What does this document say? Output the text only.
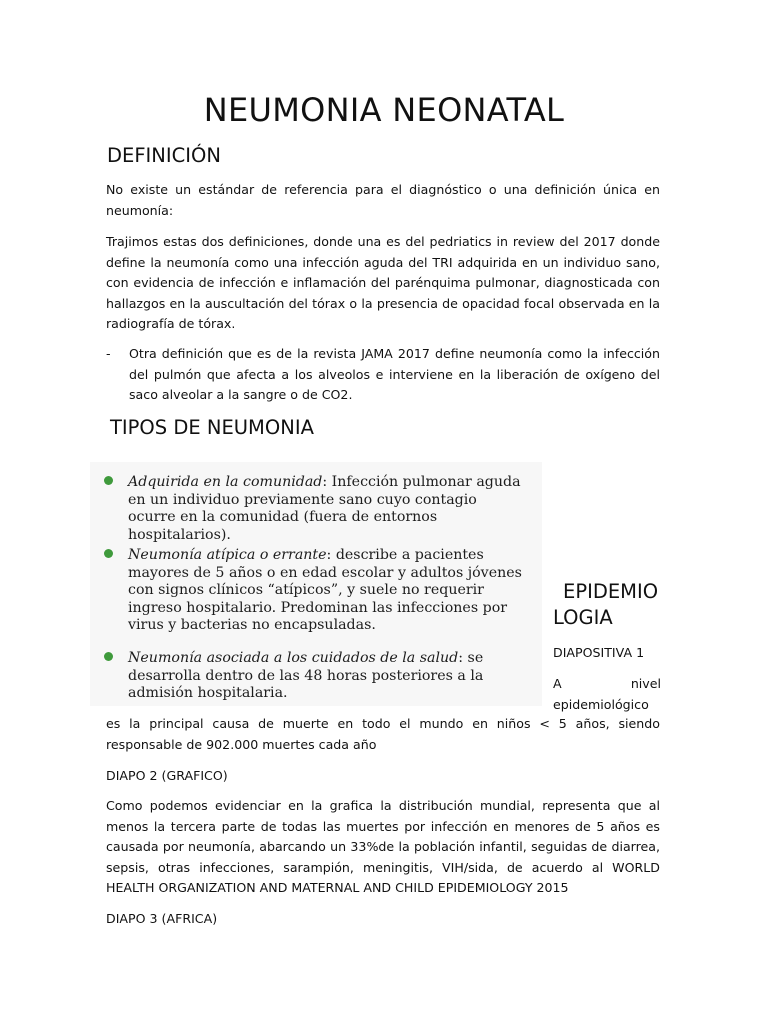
NEUMONIA NEONATAL
DEFINICIÓN
No existe un estándar de referencia para el diagnóstico o una definición única en neumonía:
Trajimos estas dos definiciones, donde una es del pedriatics in review del 2017 donde define la neumonía como una infección aguda del TRI adquirida en un individuo sano, con evidencia de infección e inflamación del parénquima pulmonar, diagnosticada con hallazgos en la auscultación del tórax o la presencia de opacidad focal observada en la radiografía de tórax.
- Otra definición que es de la revista JAMA 2017 define neumonía como la infección del pulmón que afecta a los alveolos e interviene en la liberación de oxígeno del saco alveolar a la sangre o de CO2.
TIPOS DE NEUMONIA
Adquirida en la comunidad: Infección pulmonar aguda en un individuo previamente sano cuyo contagio ocurre en la comunidad (fuera de entornos hospitalarios).
Neumonía atípica o errante: describe a pacientes mayores de 5 años o en edad escolar y adultos jóvenes con signos clínicos “atípicos”, y suele no requerir ingreso hospitalario. Predominan las infecciones por virus y bacterias no encapsuladas.
Neumonía asociada a los cuidados de la salud: se desarrolla dentro de las 48 horas posteriores a la admisión hospitalaria.
EPIDEMIO
LOGIA
DIAPOSITIVA 1
A	nivel
epidemiológico
es la principal causa de muerte en todo el mundo en niños < 5 años, siendo responsable de 902.000 muertes cada año
DIAPO 2 (GRAFICO)
Como podemos evidenciar en la grafica la distribución mundial, representa que al menos la tercera parte de todas las muertes por infección en menores de 5 años es causada por neumonía, abarcando un 33%de la población infantil, seguidas de diarrea, sepsis, otras infecciones, sarampión, meningitis, VIH/sida, de acuerdo al WORLD HEALTH ORGANIZATION AND MATERNAL AND CHILD EPIDEMIOLOGY 2015
DIAPO 3 (AFRICA)
